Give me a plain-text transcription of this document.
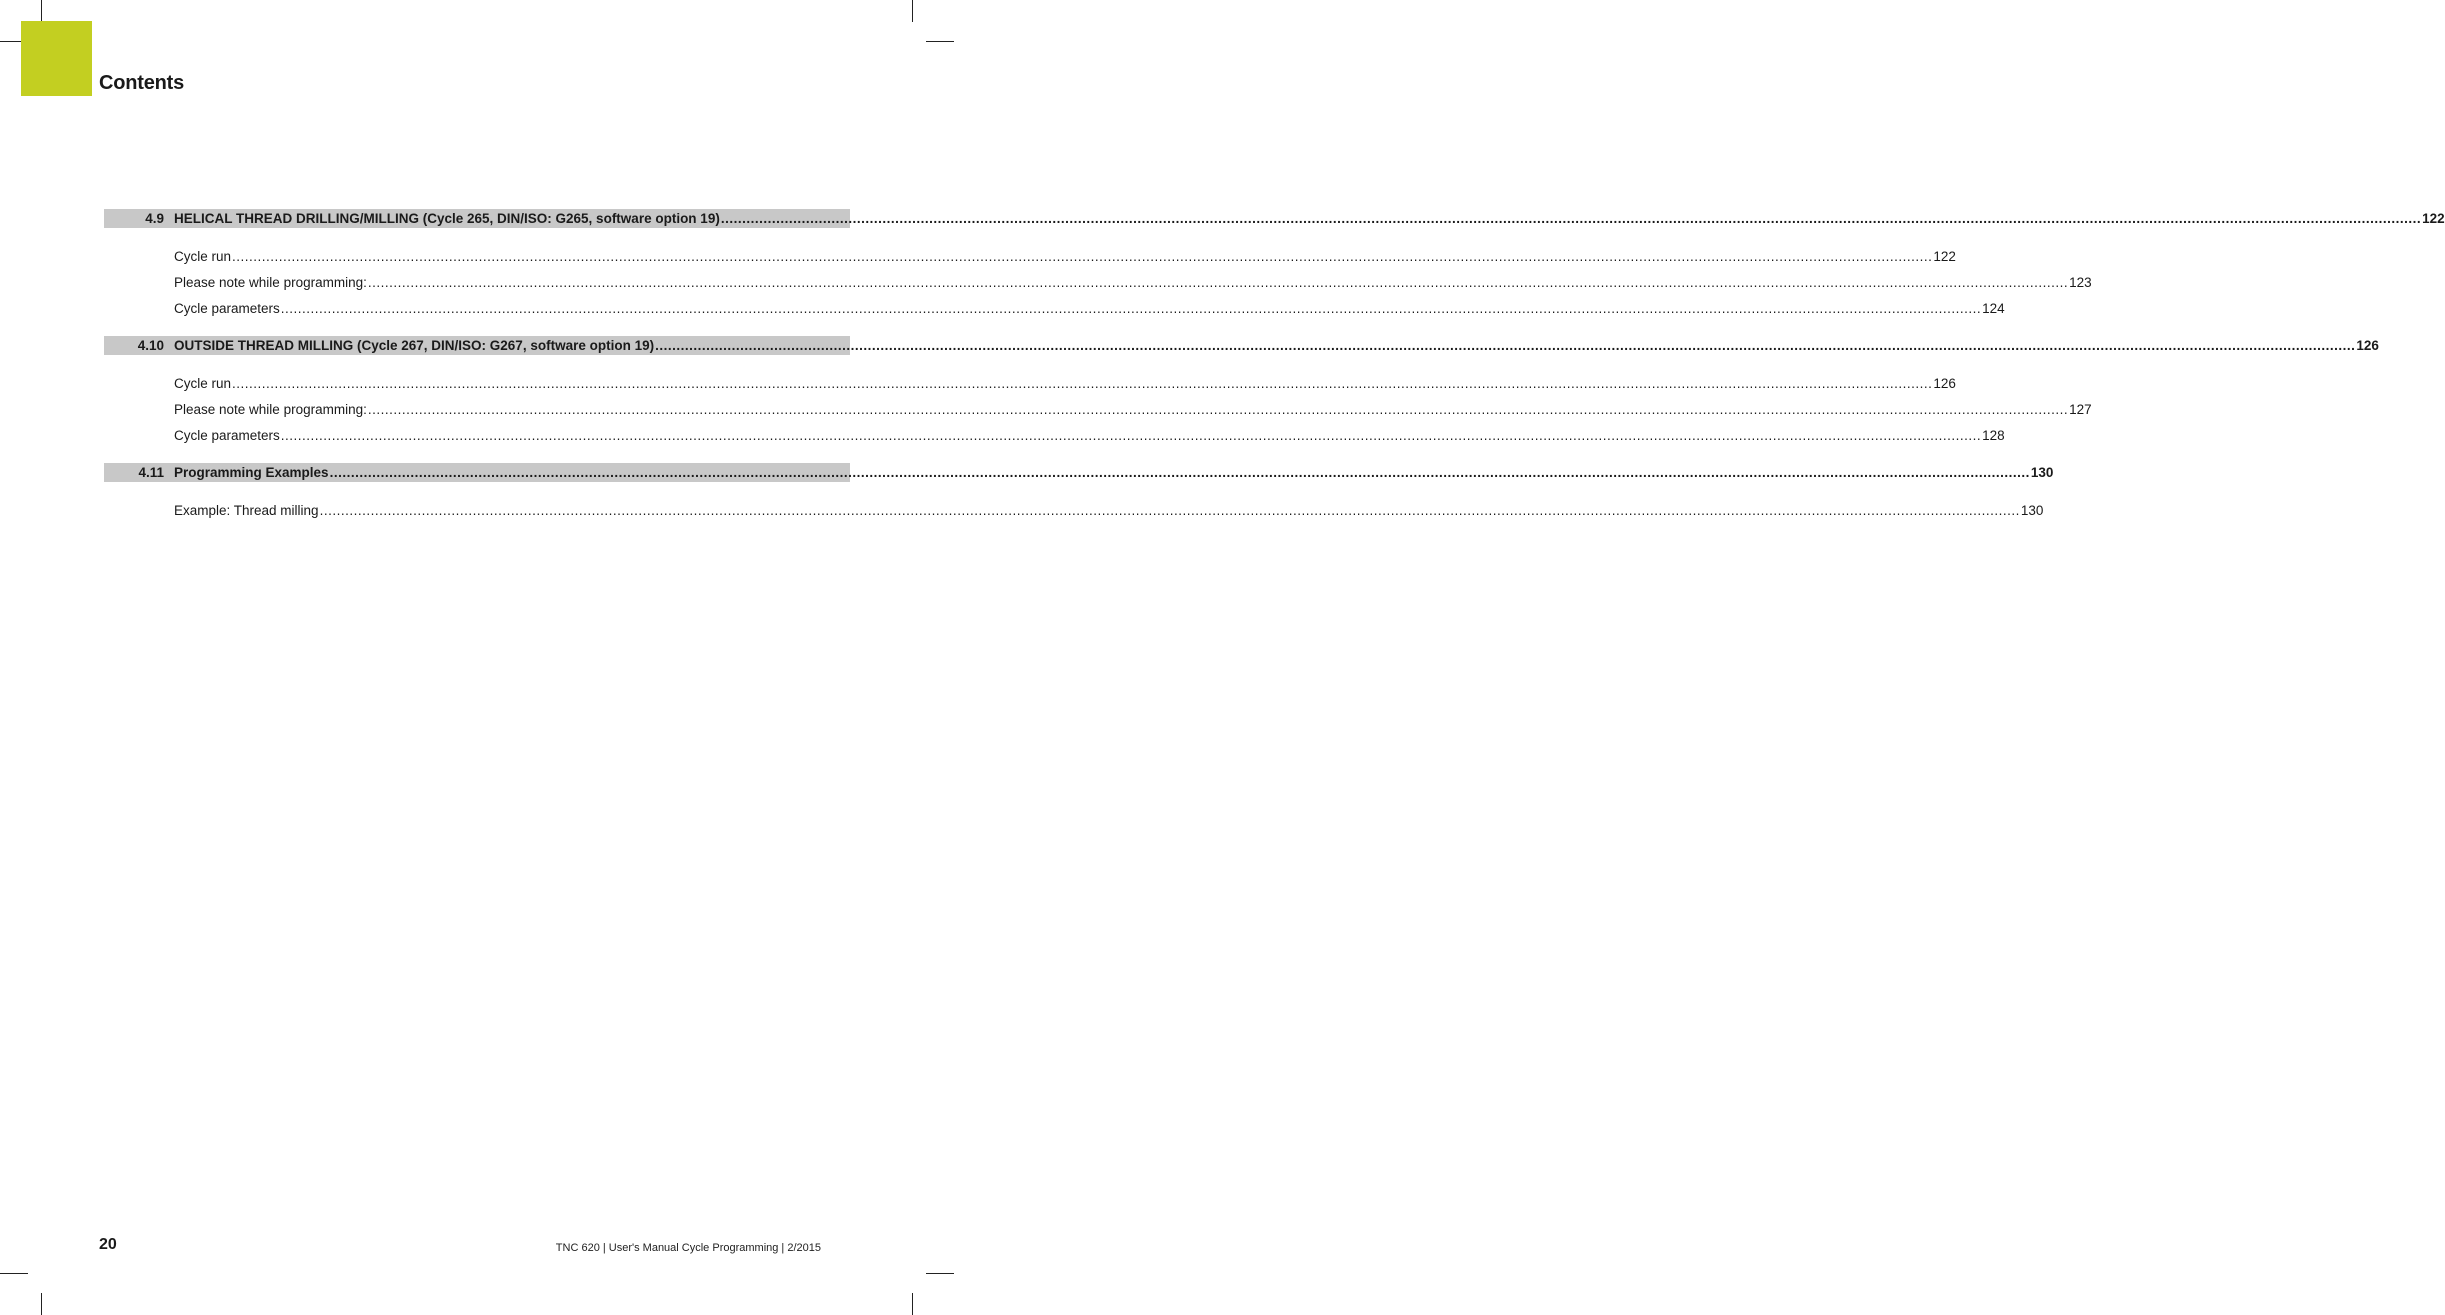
Contents
4.9 HELICAL THREAD DRILLING/MILLING (Cycle 265, DIN/ISO: G265, software option 19) ................................................................................................................................................................................................................................................................................................................................................................................................................ 122
Cycle run ................................................................................................................................................................................................................................................................................................................................................................................................................ 122
Please note while programming: ................................................................................................................................................................................................................................................................................................................................................................................................................ 123
Cycle parameters ................................................................................................................................................................................................................................................................................................................................................................................................................ 124
4.10 OUTSIDE THREAD MILLING (Cycle 267, DIN/ISO: G267, software option 19) ................................................................................................................................................................................................................................................................................................................................................................................................................ 126
Cycle run ................................................................................................................................................................................................................................................................................................................................................................................................................ 126
Please note while programming: ................................................................................................................................................................................................................................................................................................................................................................................................................ 127
Cycle parameters ................................................................................................................................................................................................................................................................................................................................................................................................................ 128
4.11 Programming Examples ................................................................................................................................................................................................................................................................................................................................................................................................................ 130
Example: Thread milling ................................................................................................................................................................................................................................................................................................................................................................................................................ 130
20	TNC 620 | User's Manual Cycle Programming | 2/2015
